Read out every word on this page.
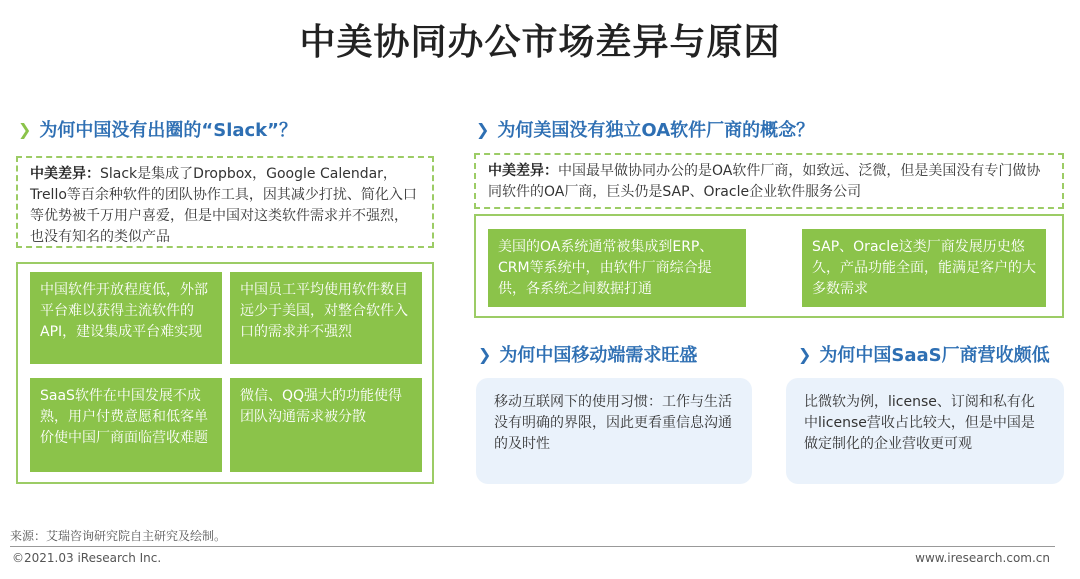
中美协同办公市场差异与原因
❯ 为何中国没有出圈的“Slack”？
中美差异：Slack是集成了Dropbox，Google Calendar，Trello等百余种软件的团队协作工具，因其减少打扰、简化入口等优势被千万用户喜爱，但是中国对这类软件需求并不强烈，也没有知名的类似产品
中国软件开放程度低，外部平台难以获得主流软件的API，建设集成平台难实现
中国员工平均使用软件数目远少于美国，对整合软件入口的需求并不强烈
SaaS软件在中国发展不成熟，用户付费意愿和低客单价使中国厂商面临营收难题
微信、QQ强大的功能使得团队沟通需求被分散
❯ 为何美国没有独立OA软件厂商的概念？
中美差异：中国最早做协同办公的是OA软件厂商，如致远、泛微，但是美国没有专门做协同软件的OA厂商，巨头仍是SAP、Oracle企业软件服务公司
美国的OA系统通常被集成到ERP、CRM等系统中，由软件厂商综合提供，各系统之间数据打通
SAP、Oracle这类厂商发展历史悠久，产品功能全面，能满足客户的大多数需求
❯ 为何中国移动端需求旺盛
移动互联网下的使用习惯：工作与生活没有明确的界限，因此更看重信息沟通的及时性
❯ 为何中国SaaS厂商营收颇低
比微软为例，license、订阅和私有化中license营收占比较大，但是中国是做定制化的企业营收更可观
来源：艾瑞咨询研究院自主研究及绘制。
©2021.03 iResearch Inc.	www.iresearch.com.cn
